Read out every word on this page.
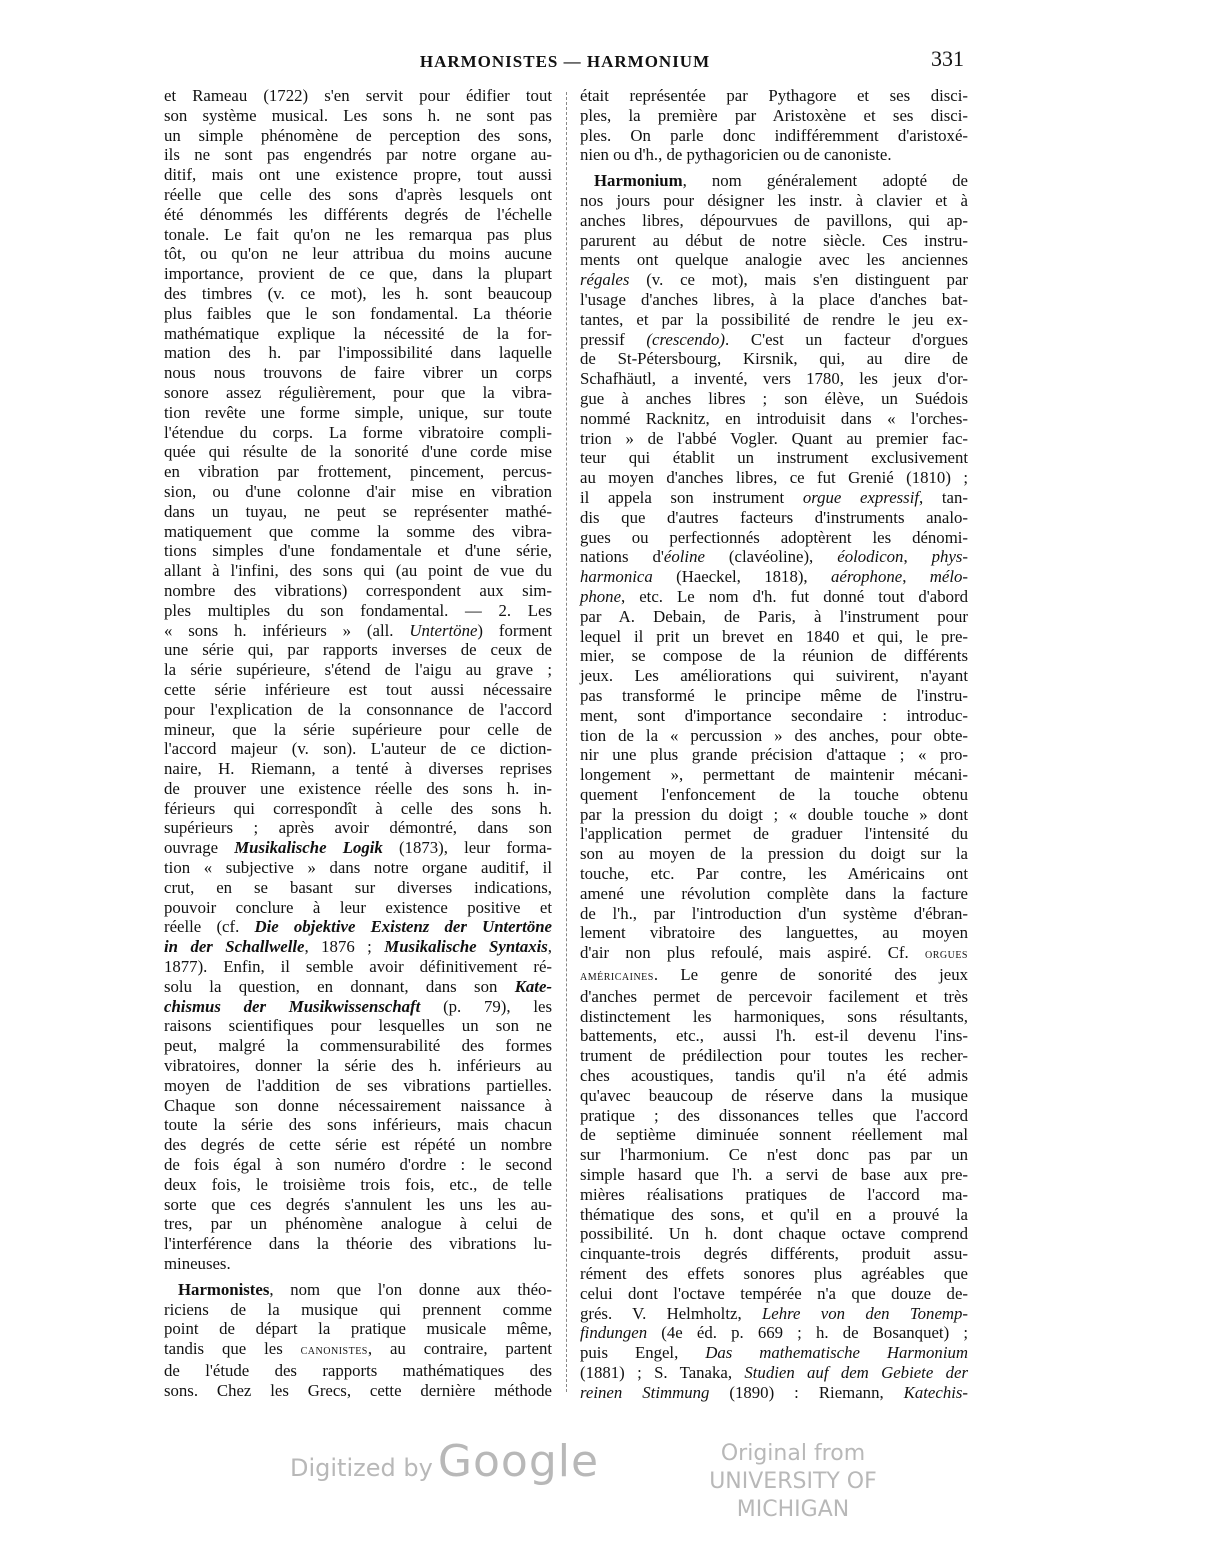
HARMONISTES — HARMONIUM	331
et Rameau (1722) s'en servit pour édifier tout
son système musical. Les sons h. ne sont pas
un simple phénomène de perception des sons,
ils ne sont pas engendrés par notre organe au-
ditif, mais ont une existence propre, tout aussi
réelle que celle des sons d'après lesquels ont
été dénommés les différents degrés de l'échelle
tonale. Le fait qu'on ne les remarqua pas plus
tôt, ou qu'on ne leur attribua du moins aucune
importance, provient de ce que, dans la plupart
des timbres (v. ce mot), les h. sont beaucoup
plus faibles que le son fondamental. La théorie
mathématique explique la nécessité de la for-
mation des h. par l'impossibilité dans laquelle
nous nous trouvons de faire vibrer un corps
sonore assez régulièrement, pour que la vibra-
tion revête une forme simple, unique, sur toute
l'étendue du corps. La forme vibratoire compli-
quée qui résulte de la sonorité d'une corde mise
en vibration par frottement, pincement, percus-
sion, ou d'une colonne d'air mise en vibration
dans un tuyau, ne peut se représenter mathé-
matiquement que comme la somme des vibra-
tions simples d'une fondamentale et d'une série,
allant à l'infini, des sons qui (au point de vue du
nombre des vibrations) correspondent aux sim-
ples multiples du son fondamental. — 2. Les
« sons h. inférieurs » (all. Untertöne) forment
une série qui, par rapports inverses de ceux de
la série supérieure, s'étend de l'aigu au grave ;
cette série inférieure est tout aussi nécessaire
pour l'explication de la consonnance de l'accord
mineur, que la série supérieure pour celle de
l'accord majeur (v. son). L'auteur de ce diction-
naire, H. Riemann, a tenté à diverses reprises
de prouver une existence réelle des sons h. in-
férieurs qui correspondît à celle des sons h.
supérieurs ; après avoir démontré, dans son
ouvrage Musikalische Logik (1873), leur forma-
tion « subjective » dans notre organe auditif, il
crut, en se basant sur diverses indications,
pouvoir conclure à leur existence positive et
réelle (cf. Die objektive Existenz der Untertöne
in der Schallwelle, 1876 ; Musikalische Syntaxis,
1877). Enfin, il semble avoir définitivement ré-
solu la question, en donnant, dans son Kate-
chismus der Musikwissenschaft (p. 79), les
raisons scientifiques pour lesquelles un son ne
peut, malgré la commensurabilité des formes
vibratoires, donner la série des h. inférieurs au
moyen de l'addition de ses vibrations partielles.
Chaque son donne nécessairement naissance à
toute la série des sons inférieurs, mais chacun
des degrés de cette série est répété un nombre
de fois égal à son numéro d'ordre : le second
deux fois, le troisième trois fois, etc., de telle
sorte que ces degrés s'annulent les uns les au-
tres, par un phénomène analogue à celui de
l'interférence dans la théorie des vibrations lu-
mineuses.
Harmonistes, nom que l'on donne aux théo-
riciens de la musique qui prennent comme
point de départ la pratique musicale même,
tandis que les canonistes, au contraire, partent
de l'étude des rapports mathématiques des
sons. Chez les Grecs, cette dernière méthode
était représentée par Pythagore et ses disci-
ples, la première par Aristoxène et ses disci-
ples. On parle donc indifféremment d'aristoxé-
nien ou d'h., de pythagoricien ou de canoniste.
Harmonium, nom généralement adopté de
nos jours pour désigner les instr. à clavier et à
anches libres, dépourvues de pavillons, qui ap-
parurent au début de notre siècle. Ces instru-
ments ont quelque analogie avec les anciennes
régales (v. ce mot), mais s'en distinguent par
l'usage d'anches libres, à la place d'anches bat-
tantes, et par la possibilité de rendre le jeu ex-
pressif (crescendo). C'est un facteur d'orgues
de St-Pétersbourg, Kirsnik, qui, au dire de
Schafhäutl, a inventé, vers 1780, les jeux d'or-
gue à anches libres ; son élève, un Suédois
nommé Racknitz, en introduisit dans « l'orches-
trion » de l'abbé Vogler. Quant au premier fac-
teur qui établit un instrument exclusivement
au moyen d'anches libres, ce fut Grenié (1810) ;
il appela son instrument orgue expressif, tan-
dis que d'autres facteurs d'instruments analo-
gues ou perfectionnés adoptèrent les dénomi-
nations d'éoline (clavéoline), éolodicon, phys-
harmonica (Haeckel, 1818), aérophone, mélo-
phone, etc. Le nom d'h. fut donné tout d'abord
par A. Debain, de Paris, à l'instrument pour
lequel il prit un brevet en 1840 et qui, le pre-
mier, se compose de la réunion de différents
jeux. Les améliorations qui suivirent, n'ayant
pas transformé le principe même de l'instru-
ment, sont d'importance secondaire : introduc-
tion de la « percussion » des anches, pour obte-
nir une plus grande précision d'attaque ; « pro-
longement », permettant de maintenir mécani-
quement l'enfoncement de la touche obtenu
par la pression du doigt ; « double touche » dont
l'application permet de graduer l'intensité du
son au moyen de la pression du doigt sur la
touche, etc. Par contre, les Américains ont
amené une révolution complète dans la facture
de l'h., par l'introduction d'un système d'ébran-
lement vibratoire des languettes, au moyen
d'air non plus refoulé, mais aspiré. Cf. orgues
américaines. Le genre de sonorité des jeux
d'anches permet de percevoir facilement et très
distinctement les harmoniques, sons résultants,
battements, etc., aussi l'h. est-il devenu l'ins-
trument de prédilection pour toutes les recher-
ches acoustiques, tandis qu'il n'a été admis
qu'avec beaucoup de réserve dans la musique
pratique ; des dissonances telles que l'accord
de septième diminuée sonnent réellement mal
sur l'harmonium. Ce n'est donc pas par un
simple hasard que l'h. a servi de base aux pre-
mières réalisations pratiques de l'accord ma-
thématique des sons, et qu'il en a prouvé la
possibilité. Un h. dont chaque octave comprend
cinquante-trois degrés différents, produit assu-
rément des effets sonores plus agréables que
celui dont l'octave tempérée n'a que douze de-
grés. V. Helmholtz, Lehre von den Tonemp-
findungen (4e éd. p. 669 ; h. de Bosanquet) ;
puis Engel, Das mathematische Harmonium
(1881) ; S. Tanaka, Studien auf dem Gebiete der
reinen Stimmung (1890) : Riemann, Katechis-
Digitized by Google	Original from
UNIVERSITY OF MICHIGAN
